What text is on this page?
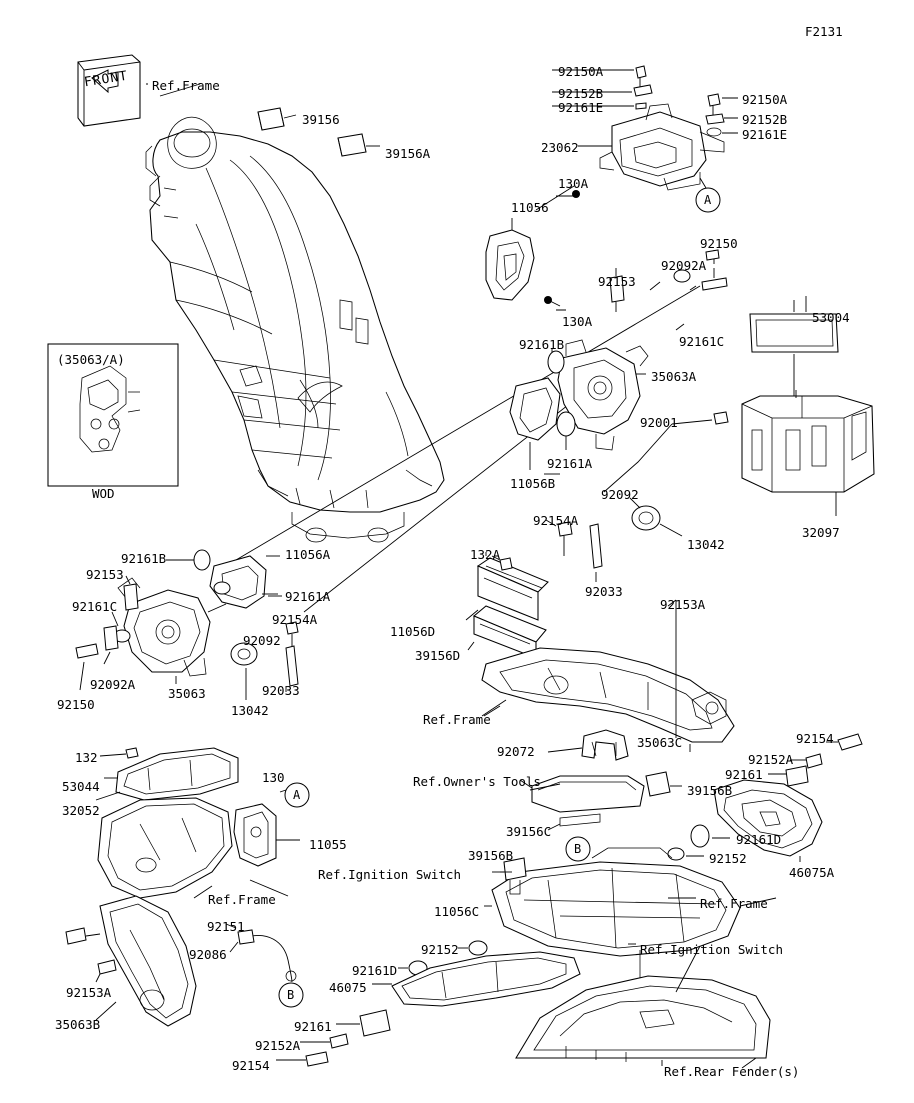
F2131
FRONT
(35063/A)
WOD
A
A
B
B
Ref.Frame
39156
39156A
92150A
92152B
92161E
92150A
92152B
92161E
23062
130A
11056
130A
92150
92092A
92153
92161C
53004
92161B
35063A
92001
92161A
11056B
92092
32097
92154A
13042
92033
92161B	11056A
92153
132A
92161A
92153A
92161C
92154A
11056D
92092
39156D
92092A
35063
92150
92033
13042
Ref.Frame
35063C	92154
92072
92152A
132
92161
130	Ref.Owner's Tools
53044	39156B
32052
39156C
92161D
11055
39156B	92152
Ref.Ignition Switch	46075A
Ref.Frame
11056C
Ref.Frame
92151
92152	Ref.Ignition Switch
92086
92161D
46075
92153A
35063B	92161
92152A
92154	Ref.Rear Fender(s)
